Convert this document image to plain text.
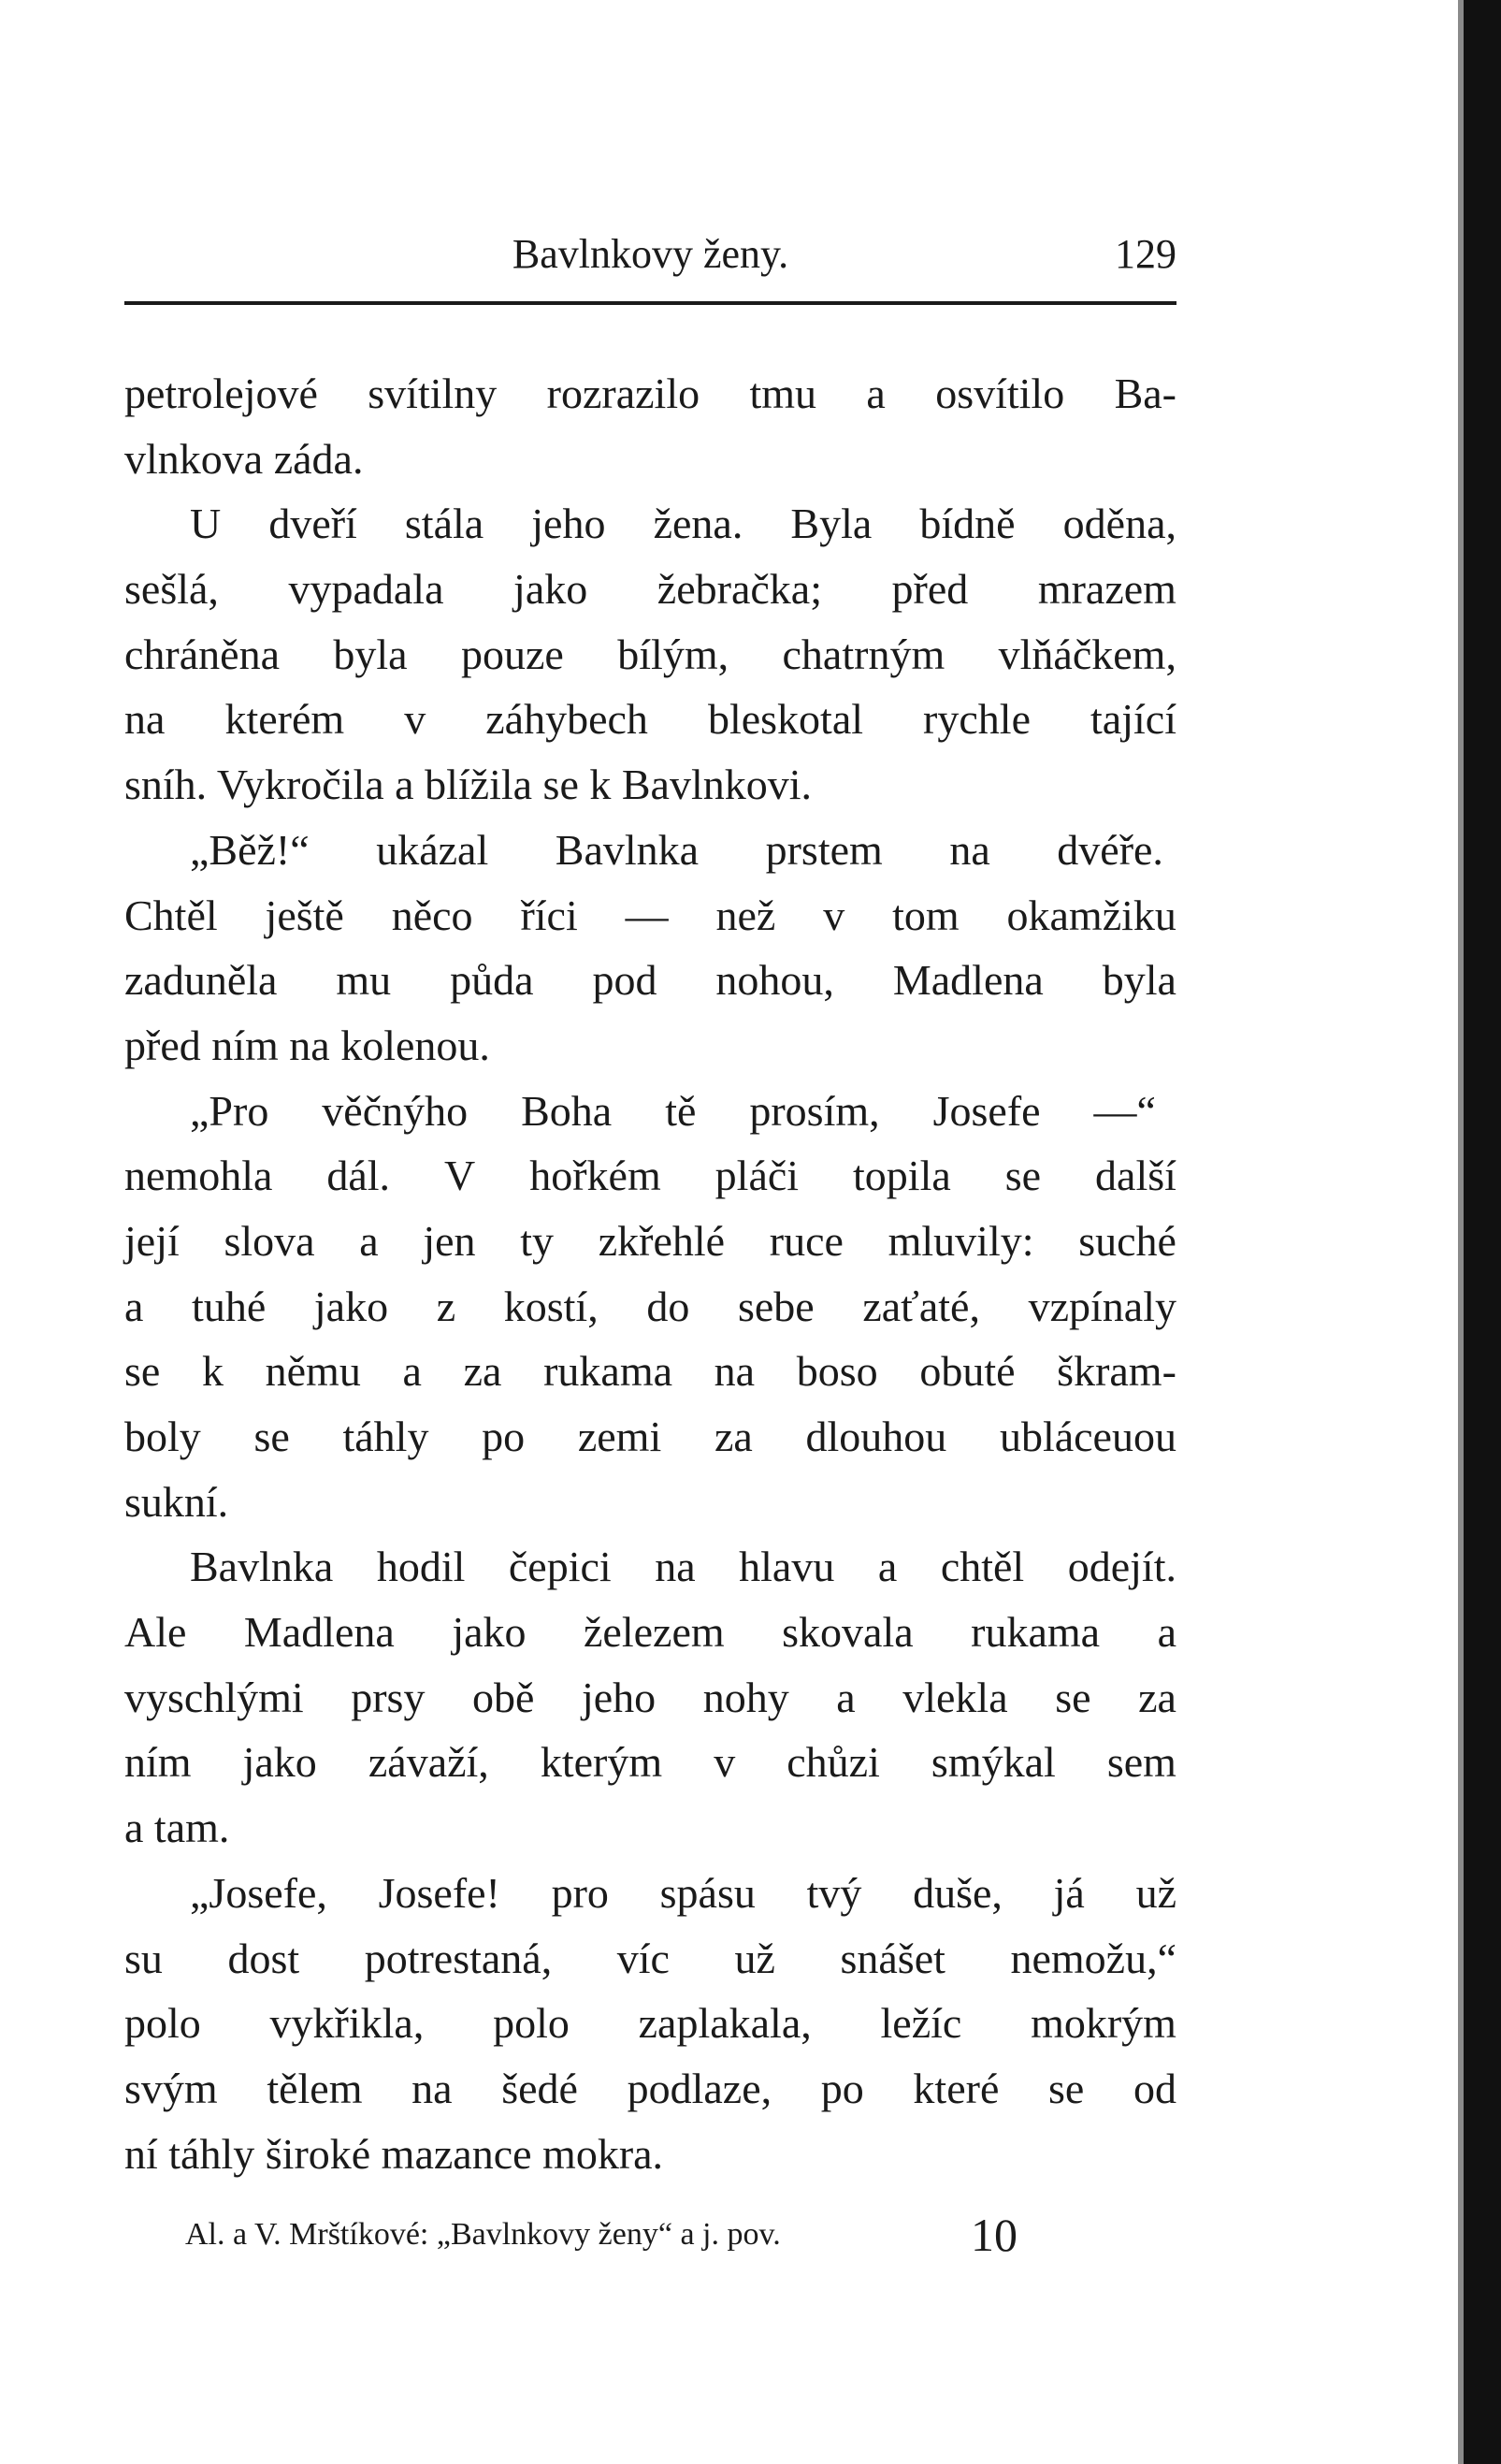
Bavlnkovy ženy.	129
petrolejové svítilny rozrazilo tmu a osvítilo Ba-
vlnkova záda.
U dveří stála jeho žena. Byla bídně oděna,
sešlá, vypadala jako žebračka; před mrazem
chráněna byla pouze bílým, chatrným vlňáčkem,
na kterém v záhybech bleskotal rychle tající
sníh. Vykročila a blížila se k Bavlnkovi.
„Běž!“ ukázal Bavlnka prstem na dvéře.
Chtěl ještě něco říci — než v tom okamžiku
zaduněla mu půda pod nohou, Madlena byla
před ním na kolenou.
„Pro věčnýho Boha tě prosím, Josefe —“
nemohla dál. V hořkém pláči topila se další
její slova a jen ty zkřehlé ruce mluvily: suché
a tuhé jako z kostí, do sebe zaťaté, vzpínaly
se k němu a za rukama na boso obuté škram-
boly se táhly po zemi za dlouhou ubláceuou
sukní.
Bavlnka hodil čepici na hlavu a chtěl odejít.
Ale Madlena jako železem skovala rukama a
vyschlými prsy obě jeho nohy a vlekla se za
ním jako závaží, kterým v chůzi smýkal sem
a tam.
„Josefe, Josefe! pro spásu tvý duše, já už
su dost potrestaná, víc už snášet nemožu,“
polo vykřikla, polo zaplakala, ležíc mokrým
svým tělem na šedé podlaze, po které se od
ní táhly široké mazance mokra.
Al. a V. Mrštíkové: „Bavlnkovy ženy“ a j. pov.	10
